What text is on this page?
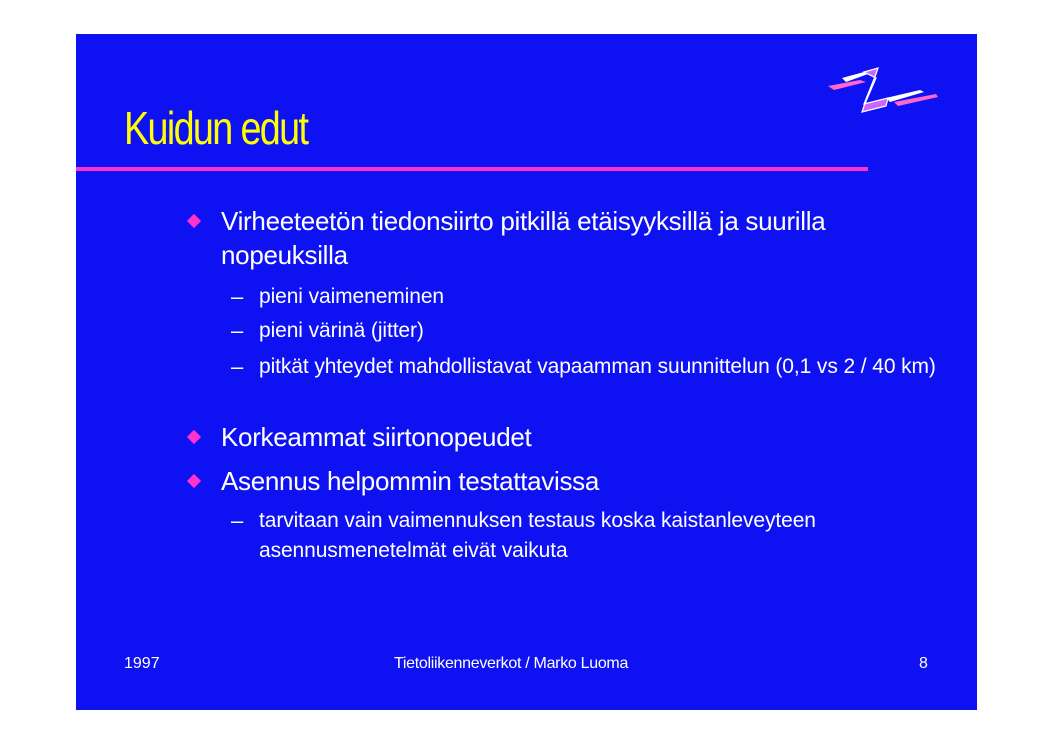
Kuidun edut
Virheeteetön tiedonsiirto pitkillä etäisyyksillä ja suurilla nopeuksilla
– pieni vaimeneminen
– pieni värinä (jitter)
– pitkät yhteydet mahdollistavat vapaamman suunnittelun (0,1 vs 2 / 40 km)
Korkeammat siirtonopeudet
Asennus helpommin testattavissa
– tarvitaan vain vaimennuksen testaus koska kaistanleveyteen asennusmenetelmät eivät vaikuta
1997	Tietoliikenneverkot / Marko Luoma	8
